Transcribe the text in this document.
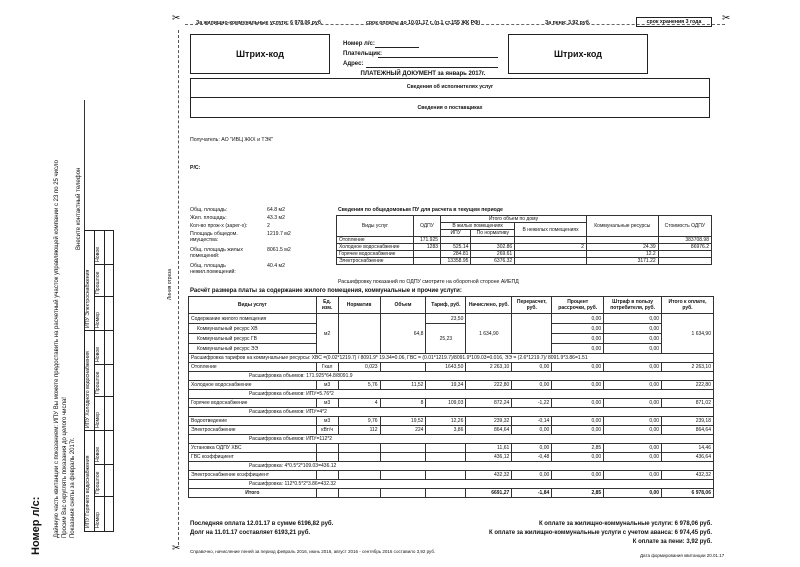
✂	✂
✂
Номер л/с: Дайнную часть квитанции с показанием: ИПУ Вы можете предоставить на расчетный участок управляющей компании с 23 по 25 число Просим Вас округлять показания до целого числа! Показания сняты за февраль 2017г.
Внесите контактный телефон
Линия отреза
ИПУ Горячего водоснабжения Номер
Прошлое
Новое
ИПУ Холодного водоснабжения Номер
Прошлое
Новое
ИПУ Электроснабжения Номер
Прошлое
Новое
За жилищно-коммунальные услуги: 6 978,06 руб.	срок оплаты до 10.01.17 г. (п.1 ст.155 ЖК РФ)	За пени: 3,92 руб.	срок хранения 3 года
Штрих-код	Штрих-код
Номер л/с:
Плательщик:
Адрес:
ПЛАТЕЖНЫЙ ДОКУМЕНТ за январь 2017г.
Сведения об исполнителях услуг
Сведения о поставщиках
Получатель: АО "ИВЦ ЖКХ и ТЭК"
Р/С:
Общ. площадь:	64.8 м2
Жил. площадь:	43.3 м2
Кол-во прож-х (зарег-х):	2
Площадь общедом. имущества:
1219.7 м2
Общ. площадь жилых помещений:
8061.5 м2
Общ. площадь нежил.помещений:
40.4 м2
Сведения по общедомовым ПУ для расчета в текущем периоде
Виды услуг	ОДПУ	Итого объем по дому			Коммунальные ресурсы	Стоимость ОДПУ
		В жилых помещениях		В нежилых помещениях		
		ИПУ	По нормативу			
Отопление	171.925					383708.98
Холодное водоснабжение	1283	525.14	302.86	2	24.39	86976.2
Горячее водоснабжение		284.81	269.61		12.2	
Электроснабжение		13358.95	6376.32		3171.22	
Расшифровку показаний по ОДПУ смотрите на оборотной стороне АИЕПД
Расчёт размера платы за содержание жилого помещения, коммунальные и прочие услуги:
Виды услуг	Ед. изм.	Норматив	Объем	Тариф, руб.	Начислено, руб.	Перерасчет, руб.	Процент рассрочки, руб.	Штраф в пользу потребителя, руб.	Итого к оплате, руб.
Содержание жилого помещения	м2		64,8	23,50	1 634,90		0,00	0,00	1 634,90
Коммунальный ресурс ХВ				25,23			0,00	0,00	
Коммунальный ресурс ГВ							0,00	0,00	
Коммунальный ресурс ЭЭ							0,00	0,00	
Расшифровка тарифов на коммунальные ресурсы: ХВС =(0.02*1219.7) / 8091.9* 19.34=0.06, ГВС = (0.01*1219.7)/8091.9*109.03=0.016, ЭЭ = (2.6*1219.7)/ 8091.9*3.86=1.51									
Отопление	Гкал	0,023		1643,50	2 263,10	0,00	0,00	0,00	2 263,10
Расшифровка объемов: 171.925*64.8/8091.9									
Холодное водоснабжение	м3	5,76	11,52	19,34	222,80	0,00	0,00	0,00	222,80
Расшифровка объемов: ИПУ=5.76*2									
Горячее водоснабжение	м3	4	8	109,03	872,24	-1,22	0,00	0,00	871,02
Расшифровка объемов: ИПУ=4*2									
Водоотведение	м3	9,76	19,52	12,26	239,32	-0,14	0,00	0,00	239,18
Электроснабжение	кВт/ч	112	224	3,86	864,64	0,00	0,00	0,00	864,64
Расшифровка объемов: ИПУ=112*2									
Установка ОДПУ ХВС					11,61	0,00	2,85	0,00	14,46
ГВС коэффициент					436,12	-0,48	0,00	0,00	436,64
Расшифровка: 4*0.5*2*109.03=436.12									
Электроснабжение коэффициент					432,32	0,00	0,00	0,00	432,32
Расшифровка: 112*0.5*2*3.86=432.32									
Итого					6691,27	-1,84	2,85	0,00	6 978,06
Последняя оплата 12.01.17 в сумме 6196,82 руб.
Долг на 11.01.17 составляет 6193,21 руб.
К оплате за жилищно-коммунальные услуги: 6 978,06 руб.
К оплате за жилищно-коммунальные услуги с учетом аванса: 6 974,45 руб.
К оплате за пени: 3,92 руб.
Справочно, начисление пеней за период февраль 2016, июнь 2016, август 2016 - сентябрь 2016 составило 3,92 руб.
Дата формирования квитанции 20.01.17
